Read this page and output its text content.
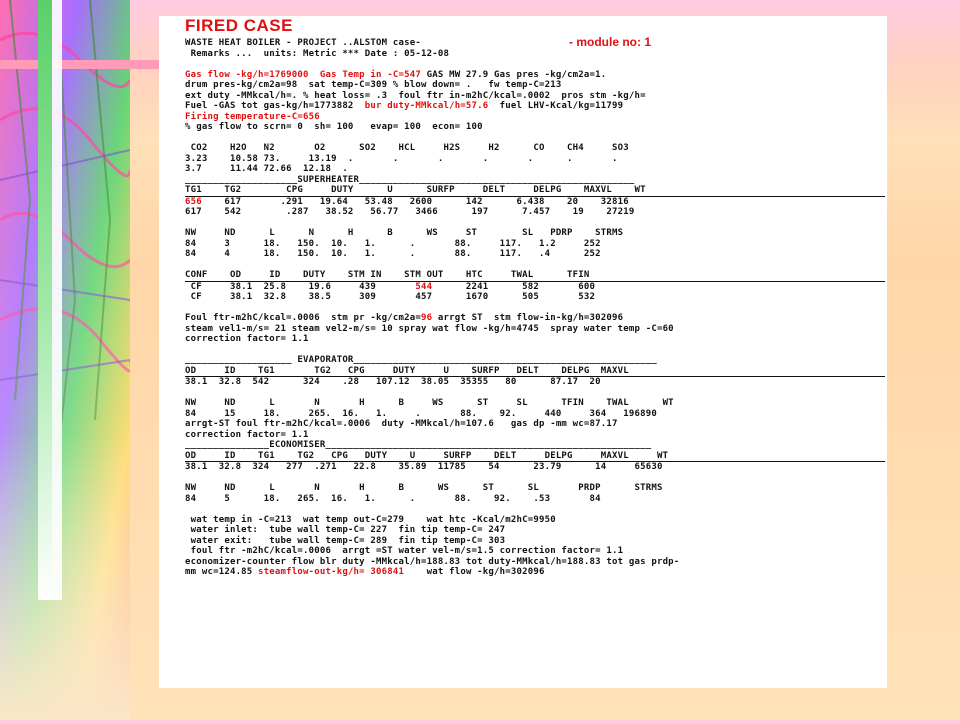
FIRED CASE
- module no: 1
WASTE HEAT BOILER - PROJECT ..ALSTOM case-
Remarks ...  units: Metric *** Date : 05-12-08
Gas flow -kg/h=1769000  Gas Temp in -C=547 GAS MW 27.9 Gas pres -kg/cm2a=1.
drum pres-kg/cm2a=98  sat temp-C=309 % blow down= .   fw temp-C=213
ext duty -MMkcal/h=. % heat loss= .3  foul ftr in-m2hC/kcal=.0002  pros stm -kg/h=
Fuel -GAS tot gas-kg/h=1773882  bur duty-MMkcal/h=57.6  fuel LHV-Kcal/kg=11799
Firing temperature-C=656
% gas flow to scrn= 0  sh= 100   evap= 100  econ= 100
CO2    H2O   N2       O2      SO2    HCL     H2S     H2      CO    CH4     SO3
3.23    10.58 73.     13.19  .       .       .       .       .      .       .
3.7     11.44 72.66  12.18  .
____________________SUPERHEATER_________________________________________________
TG1    TG2        CPG     DUTY      U      SURFP     DELT     DELPG    MAXVL    WT
656    617       .291   19.64   53.48   2600      142      6.438    20    32816
617    542        .287   38.52   56.77   3466      197      7.457    19    27219
NW     ND      L      N      H      B      WS     ST        SL   PDRP    STRMS
84     3      18.   150.  10.   1.      .       88.     117.   1.2     252
84     4      18.   150.  10.   1.      .       88.     117.   .4      252
CONF    OD     ID    DUTY    STM IN    STM OUT    HTC     TWAL      TFIN
CF     38.1  25.8    19.6     439       544      2241      582       600
CF     38.1  32.8    38.5     309       457      1670      505       532
Foul ftr-m2hC/kcal=.0006  stm pr -kg/cm2a=96 arrgt ST  stm flow-in-kg/h=302096
steam vel1-m/s= 21 steam vel2-m/s= 10 spray wat flow -kg/h=4745  spray water temp -C=60
correction factor= 1.1
___________________ EVAPORATOR______________________________________________________
OD     ID    TG1       TG2   CPG     DUTY     U    SURFP   DELT    DELPG  MAXVL
38.1  32.8  542      324    .28   107.12  38.05  35355   80      87.17  20
NW     ND      L       N       H      B     WS      ST     SL      TFIN    TWAL      WT
84     15     18.     265.  16.   1.     .       88.    92.     440     364   196890
arrgt-ST foul ftr-m2hC/kcal=.0006  duty -MMkcal/h=107.6   gas dp -mm wc=87.17
correction factor= 1.1
_______________ECONOMISER__________________________________________________________
OD     ID    TG1    TG2   CPG   DUTY    U     SURFP    DELT     DELPG     MAXVL     WT
38.1  32.8  324   277  .271   22.8    35.89  11785    54      23.79      14     65630
NW     ND      L       N       H      B      WS      ST      SL       PRDP      STRMS
84     5      18.   265.  16.   1.      .       88.    92.    .53       84
wat temp in -C=213  wat temp out-C=279    wat htc -Kcal/m2hC=9950
water inlet:  tube wall temp-C= 227  fin tip temp-C= 247
water exit:   tube wall temp-C= 289  fin tip temp-C= 303
foul ftr -m2hC/kcal=.0006  arrgt =ST water vel-m/s=1.5 correction factor= 1.1
economizer-counter flow blr duty -MMkcal/h=188.83 tot duty-MMkcal/h=188.83 tot gas prdp-
mm wc=124.85 steamflow-out-kg/h= 306841    wat flow -kg/h=302096
